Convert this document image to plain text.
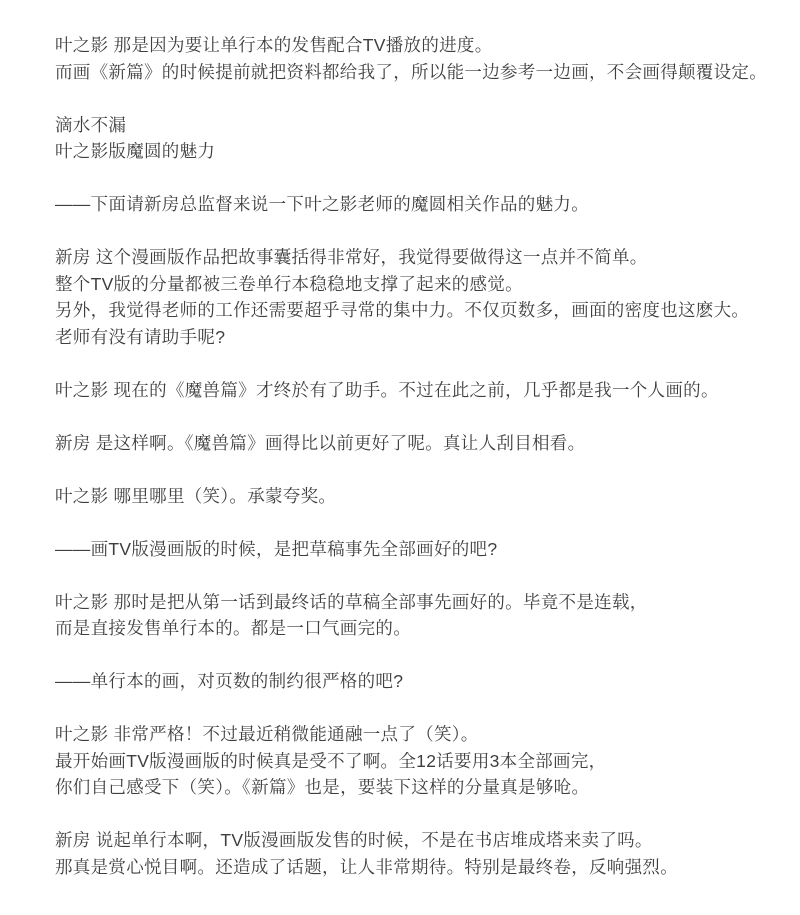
叶之影 那是因为要让单行本的发售配合TV播放的进度。
而画《新篇》的时候提前就把资料都给我了，所以能一边参考一边画，不会画得颠覆设定。
滴水不漏
叶之影版魔圆的魅力
——下面请新房总监督来说一下叶之影老师的魔圆相关作品的魅力。
新房 这个漫画版作品把故事囊括得非常好，我觉得要做得这一点并不简单。
整个TV版的分量都被三卷单行本稳稳地支撑了起来的感觉。
另外，我觉得老师的工作还需要超乎寻常的集中力。不仅页数多，画面的密度也这麽大。
老师有没有请助手呢?
叶之影 现在的《魔兽篇》才终於有了助手。不过在此之前，几乎都是我一个人画的。
新房 是这样啊。《魔兽篇》画得比以前更好了呢。真让人刮目相看。
叶之影 哪里哪里（笑）。承蒙夸奖。
——画TV版漫画版的时候，是把草稿事先全部画好的吧?
叶之影 那时是把从第一话到最终话的草稿全部事先画好的。毕竟不是连载，
而是直接发售单行本的。都是一口气画完的。
——单行本的画，对页数的制约很严格的吧?
叶之影 非常严格！不过最近稍微能通融一点了（笑）。
最开始画TV版漫画版的时候真是受不了啊。全12话要用3本全部画完，
你们自己感受下（笑）。《新篇》也是，要装下这样的分量真是够呛。
新房 说起单行本啊，TV版漫画版发售的时候，不是在书店堆成塔来卖了吗。
那真是赏心悦目啊。还造成了话题，让人非常期待。特别是最终卷，反响强烈。
